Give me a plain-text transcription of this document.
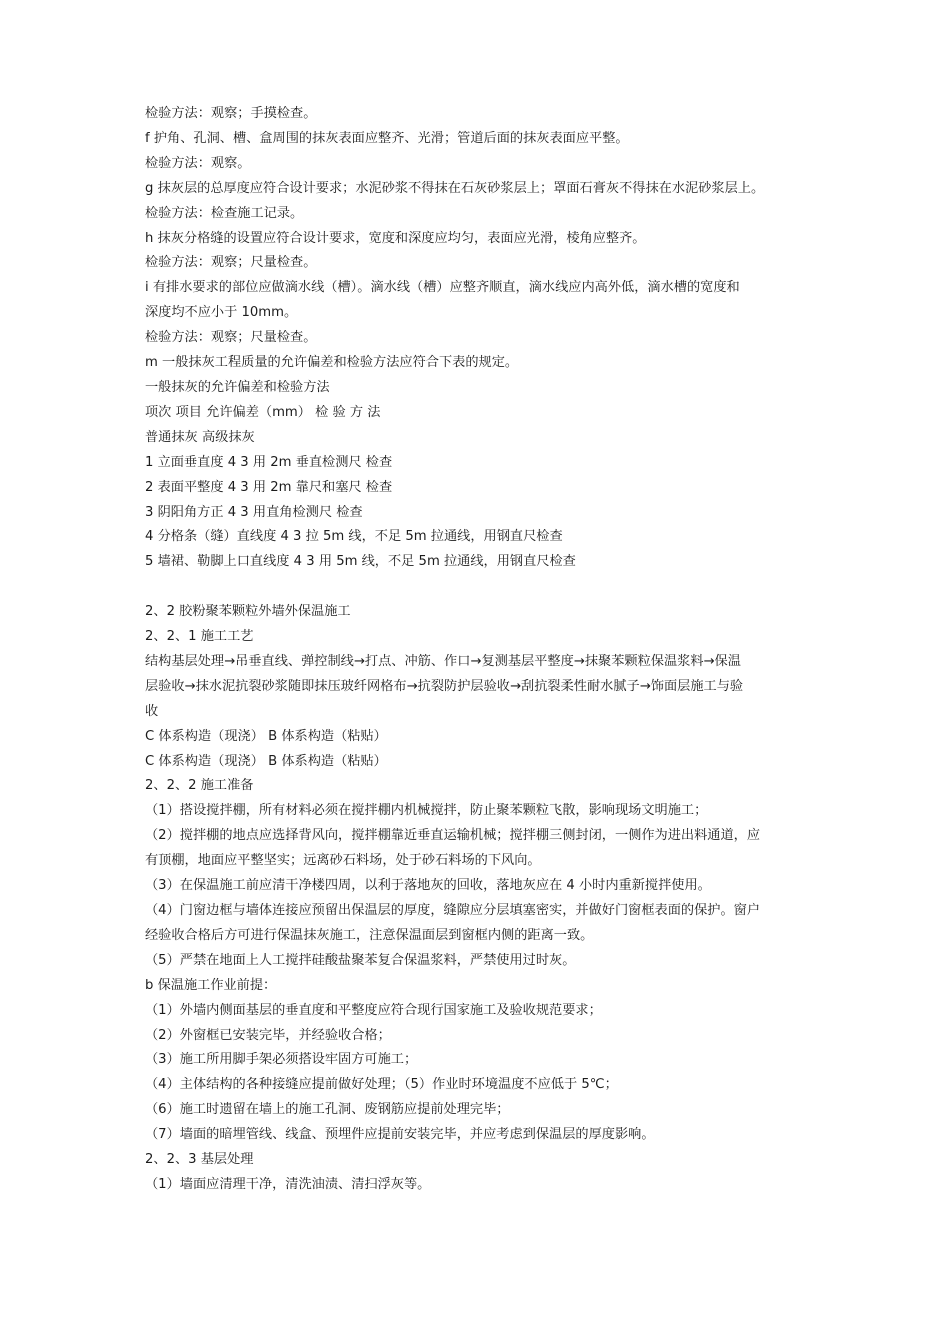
检验方法：观察；手摸检查。

f 护角、孔洞、槽、盒周围的抹灰表面应整齐、光滑；管道后面的抹灰表面应平整。

检验方法：观察。

g 抹灰层的总厚度应符合设计要求；水泥砂浆不得抹在石灰砂浆层上；罩面石膏灰不得抹在水泥砂浆层上。

检验方法：检查施工记录。

h 抹灰分格缝的设置应符合设计要求，宽度和深度应均匀，表面应光滑，棱角应整齐。

检验方法：观察；尺量检查。

i 有排水要求的部位应做滴水线（槽）。滴水线（槽）应整齐顺直，滴水线应内高外低，滴水槽的宽度和

深度均不应小于 10mm。

检验方法：观察；尺量检查。

m 一般抹灰工程质量的允许偏差和检验方法应符合下表的规定。

一般抹灰的允许偏差和检验方法

项次 项目 允许偏差（mm） 检 验 方 法

普通抹灰 高级抹灰

1 立面垂直度 4 3 用 2m 垂直检测尺 检查

2 表面平整度 4 3 用 2m 靠尺和塞尺 检查

3 阴阳角方正 4 3 用直角检测尺 检查

4 分格条（缝）直线度 4 3 拉 5m 线，不足 5m 拉通线，用钢直尺检查

5 墙裙、勒脚上口直线度 4 3 用 5m 线，不足 5m 拉通线，用钢直尺检查

2、2 胶粉聚苯颗粒外墙外保温施工

2、2、1 施工工艺

结构基层处理→吊垂直线、弹控制线→打点、冲筋、作口→复测基层平整度→抹聚苯颗粒保温浆料→保温

层验收→抹水泥抗裂砂浆随即抹压玻纤网格布→抗裂防护层验收→刮抗裂柔性耐水腻子→饰面层施工与验

收

C 体系构造（现浇） B 体系构造（粘贴）

C 体系构造（现浇） B 体系构造（粘贴）

2、2、2 施工准备

（1）搭设搅拌棚，所有材料必须在搅拌棚内机械搅拌，防止聚苯颗粒飞散，影响现场文明施工；

（2）搅拌棚的地点应选择背风向，搅拌棚靠近垂直运输机械；搅拌棚三侧封闭，一侧作为进出料通道，应

有顶棚，地面应平整坚实；远离砂石料场，处于砂石料场的下风向。

（3）在保温施工前应清干净楼四周，以利于落地灰的回收，落地灰应在 4 小时内重新搅拌使用。

（4）门窗边框与墙体连接应预留出保温层的厚度，缝隙应分层填塞密实，并做好门窗框表面的保护。窗户

经验收合格后方可进行保温抹灰施工，注意保温面层到窗框内侧的距离一致。

（5）严禁在地面上人工搅拌硅酸盐聚苯复合保温浆料，严禁使用过时灰。

b 保温施工作业前提：

（1）外墙内侧面基层的垂直度和平整度应符合现行国家施工及验收规范要求；

（2）外窗框已安装完毕，并经验收合格；

（3）施工所用脚手架必须搭设牢固方可施工；

（4）主体结构的各种接缝应提前做好处理；（5）作业时环境温度不应低于 5℃；

（6）施工时遗留在墙上的施工孔洞、废钢筋应提前处理完毕；

（7）墙面的暗埋管线、线盒、预埋件应提前安装完毕，并应考虑到保温层的厚度影响。

2、2、3 基层处理

（1）墙面应清理干净，清洗油渍、清扫浮灰等。
